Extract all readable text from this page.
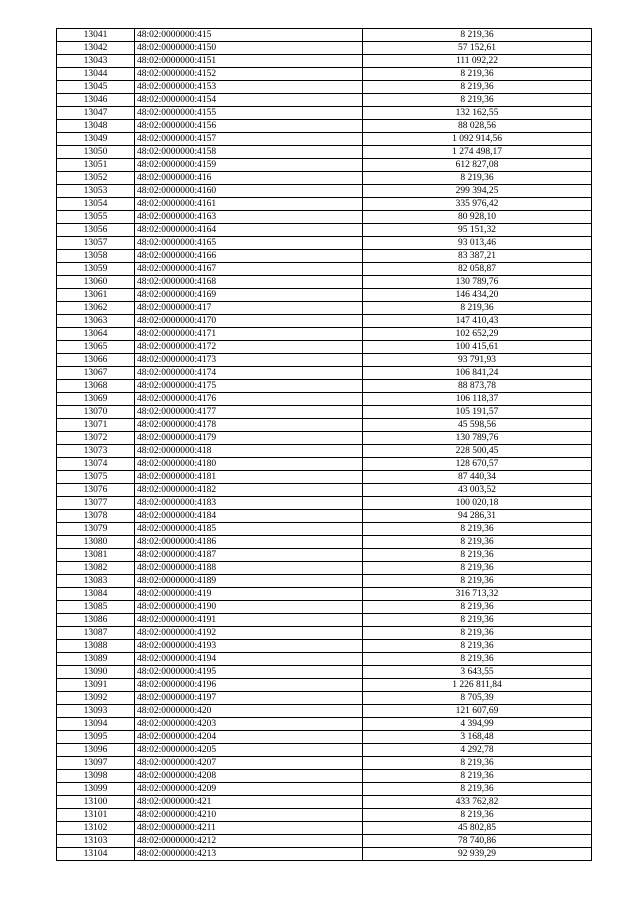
13041	48:02:0000000:415	8 219,36
13042	48:02:0000000:4150	57 152,61
13043	48:02:0000000:4151	111 092,22
13044	48:02:0000000:4152	8 219,36
13045	48:02:0000000:4153	8 219,36
13046	48:02:0000000:4154	8 219,36
13047	48:02:0000000:4155	132 162,55
13048	48:02:0000000:4156	88 028,56
13049	48:02:0000000:4157	1 092 914,56
13050	48:02:0000000:4158	1 274 498,17
13051	48:02:0000000:4159	612 827,08
13052	48:02:0000000:416	8 219,36
13053	48:02:0000000:4160	299 394,25
13054	48:02:0000000:4161	335 976,42
13055	48:02:0000000:4163	80 928,10
13056	48:02:0000000:4164	95 151,32
13057	48:02:0000000:4165	93 013,46
13058	48:02:0000000:4166	83 387,21
13059	48:02:0000000:4167	82 058,87
13060	48:02:0000000:4168	130 789,76
13061	48:02:0000000:4169	146 434,20
13062	48:02:0000000:417	8 219,36
13063	48:02:0000000:4170	147 410,43
13064	48:02:0000000:4171	102 652,29
13065	48:02:0000000:4172	100 415,61
13066	48:02:0000000:4173	93 791,93
13067	48:02:0000000:4174	106 841,24
13068	48:02:0000000:4175	88 873,78
13069	48:02:0000000:4176	106 118,37
13070	48:02:0000000:4177	105 191,57
13071	48:02:0000000:4178	45 598,56
13072	48:02:0000000:4179	130 789,76
13073	48:02:0000000:418	228 500,45
13074	48:02:0000000:4180	128 670,57
13075	48:02:0000000:4181	87 440,34
13076	48:02:0000000:4182	43 003,52
13077	48:02:0000000:4183	100 020,18
13078	48:02:0000000:4184	94 286,31
13079	48:02:0000000:4185	8 219,36
13080	48:02:0000000:4186	8 219,36
13081	48:02:0000000:4187	8 219,36
13082	48:02:0000000:4188	8 219,36
13083	48:02:0000000:4189	8 219,36
13084	48:02:0000000:419	316 713,32
13085	48:02:0000000:4190	8 219,36
13086	48:02:0000000:4191	8 219,36
13087	48:02:0000000:4192	8 219,36
13088	48:02:0000000:4193	8 219,36
13089	48:02:0000000:4194	8 219,36
13090	48:02:0000000:4195	3 643,55
13091	48:02:0000000:4196	1 226 811,84
13092	48:02:0000000:4197	8 705,39
13093	48:02:0000000:420	121 607,69
13094	48:02:0000000:4203	4 394,99
13095	48:02:0000000:4204	3 168,48
13096	48:02:0000000:4205	4 292,78
13097	48:02:0000000:4207	8 219,36
13098	48:02:0000000:4208	8 219,36
13099	48:02:0000000:4209	8 219,36
13100	48:02:0000000:421	433 762,82
13101	48:02:0000000:4210	8 219,36
13102	48:02:0000000:4211	45 802,85
13103	48:02:0000000:4212	78 740,86
13104	48:02:0000000:4213	92 939,29
